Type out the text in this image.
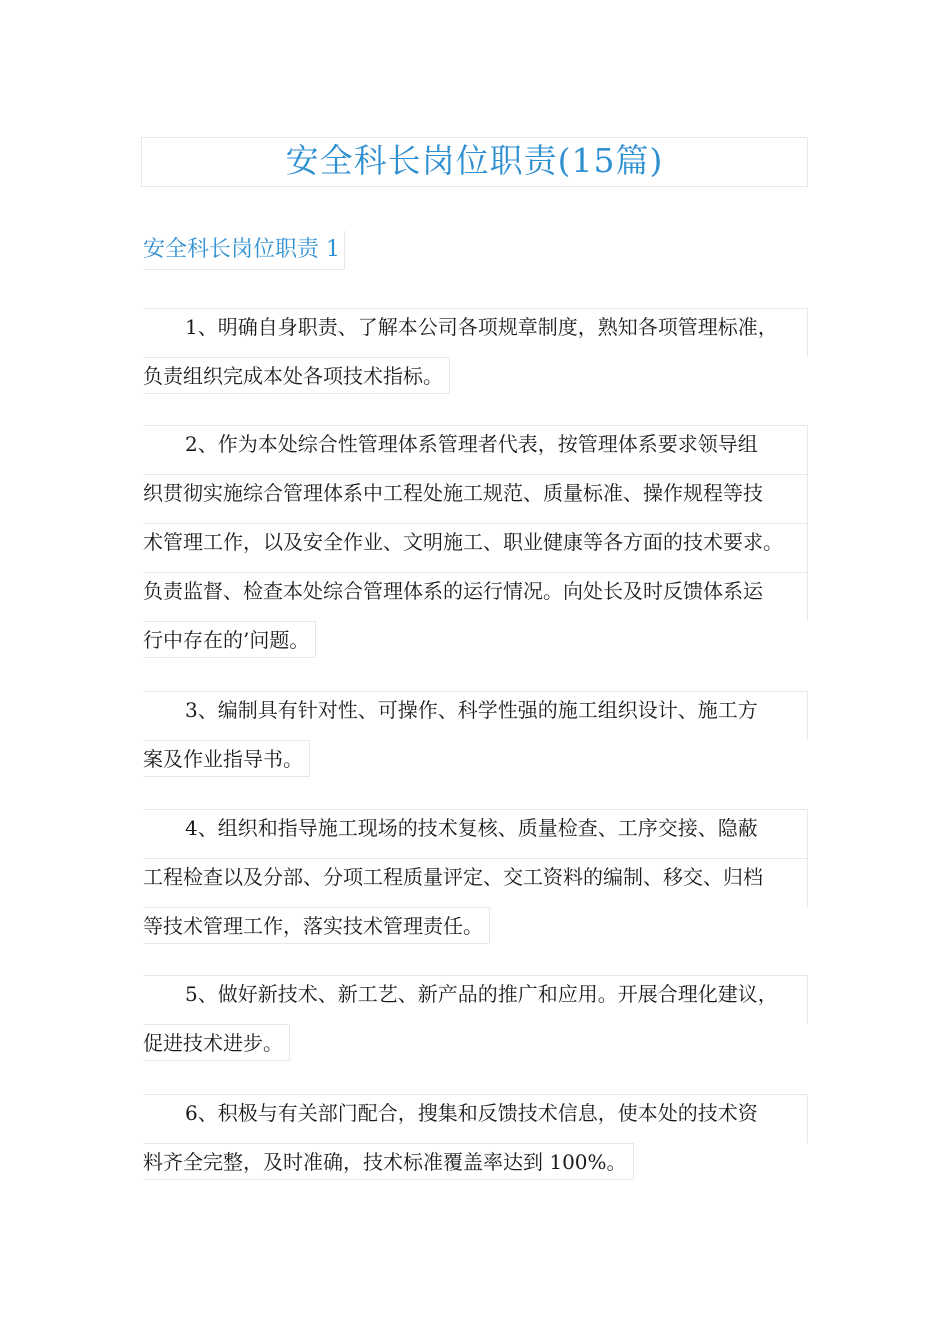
安全科长岗位职责(15篇)
安全科长岗位职责 1
1、明确自身职责、了解本公司各项规章制度，熟知各项管理标准，
负责组织完成本处各项技术指标。
2、作为本处综合性管理体系管理者代表，按管理体系要求领导组
织贯彻实施综合管理体系中工程处施工规范、质量标准、操作规程等技
术管理工作，以及安全作业、文明施工、职业健康等各方面的技术要求。
负责监督、检查本处综合管理体系的运行情况。向处长及时反馈体系运
行中存在的’问题。
3、编制具有针对性、可操作、科学性强的施工组织设计、施工方
案及作业指导书。
4、组织和指导施工现场的技术复核、质量检查、工序交接、隐蔽
工程检查以及分部、分项工程质量评定、交工资料的编制、移交、归档
等技术管理工作，落实技术管理责任。
5、做好新技术、新工艺、新产品的推广和应用。开展合理化建议，
促进技术进步。
6、积极与有关部门配合，搜集和反馈技术信息，使本处的技术资
料齐全完整，及时准确，技术标准覆盖率达到 100%。
